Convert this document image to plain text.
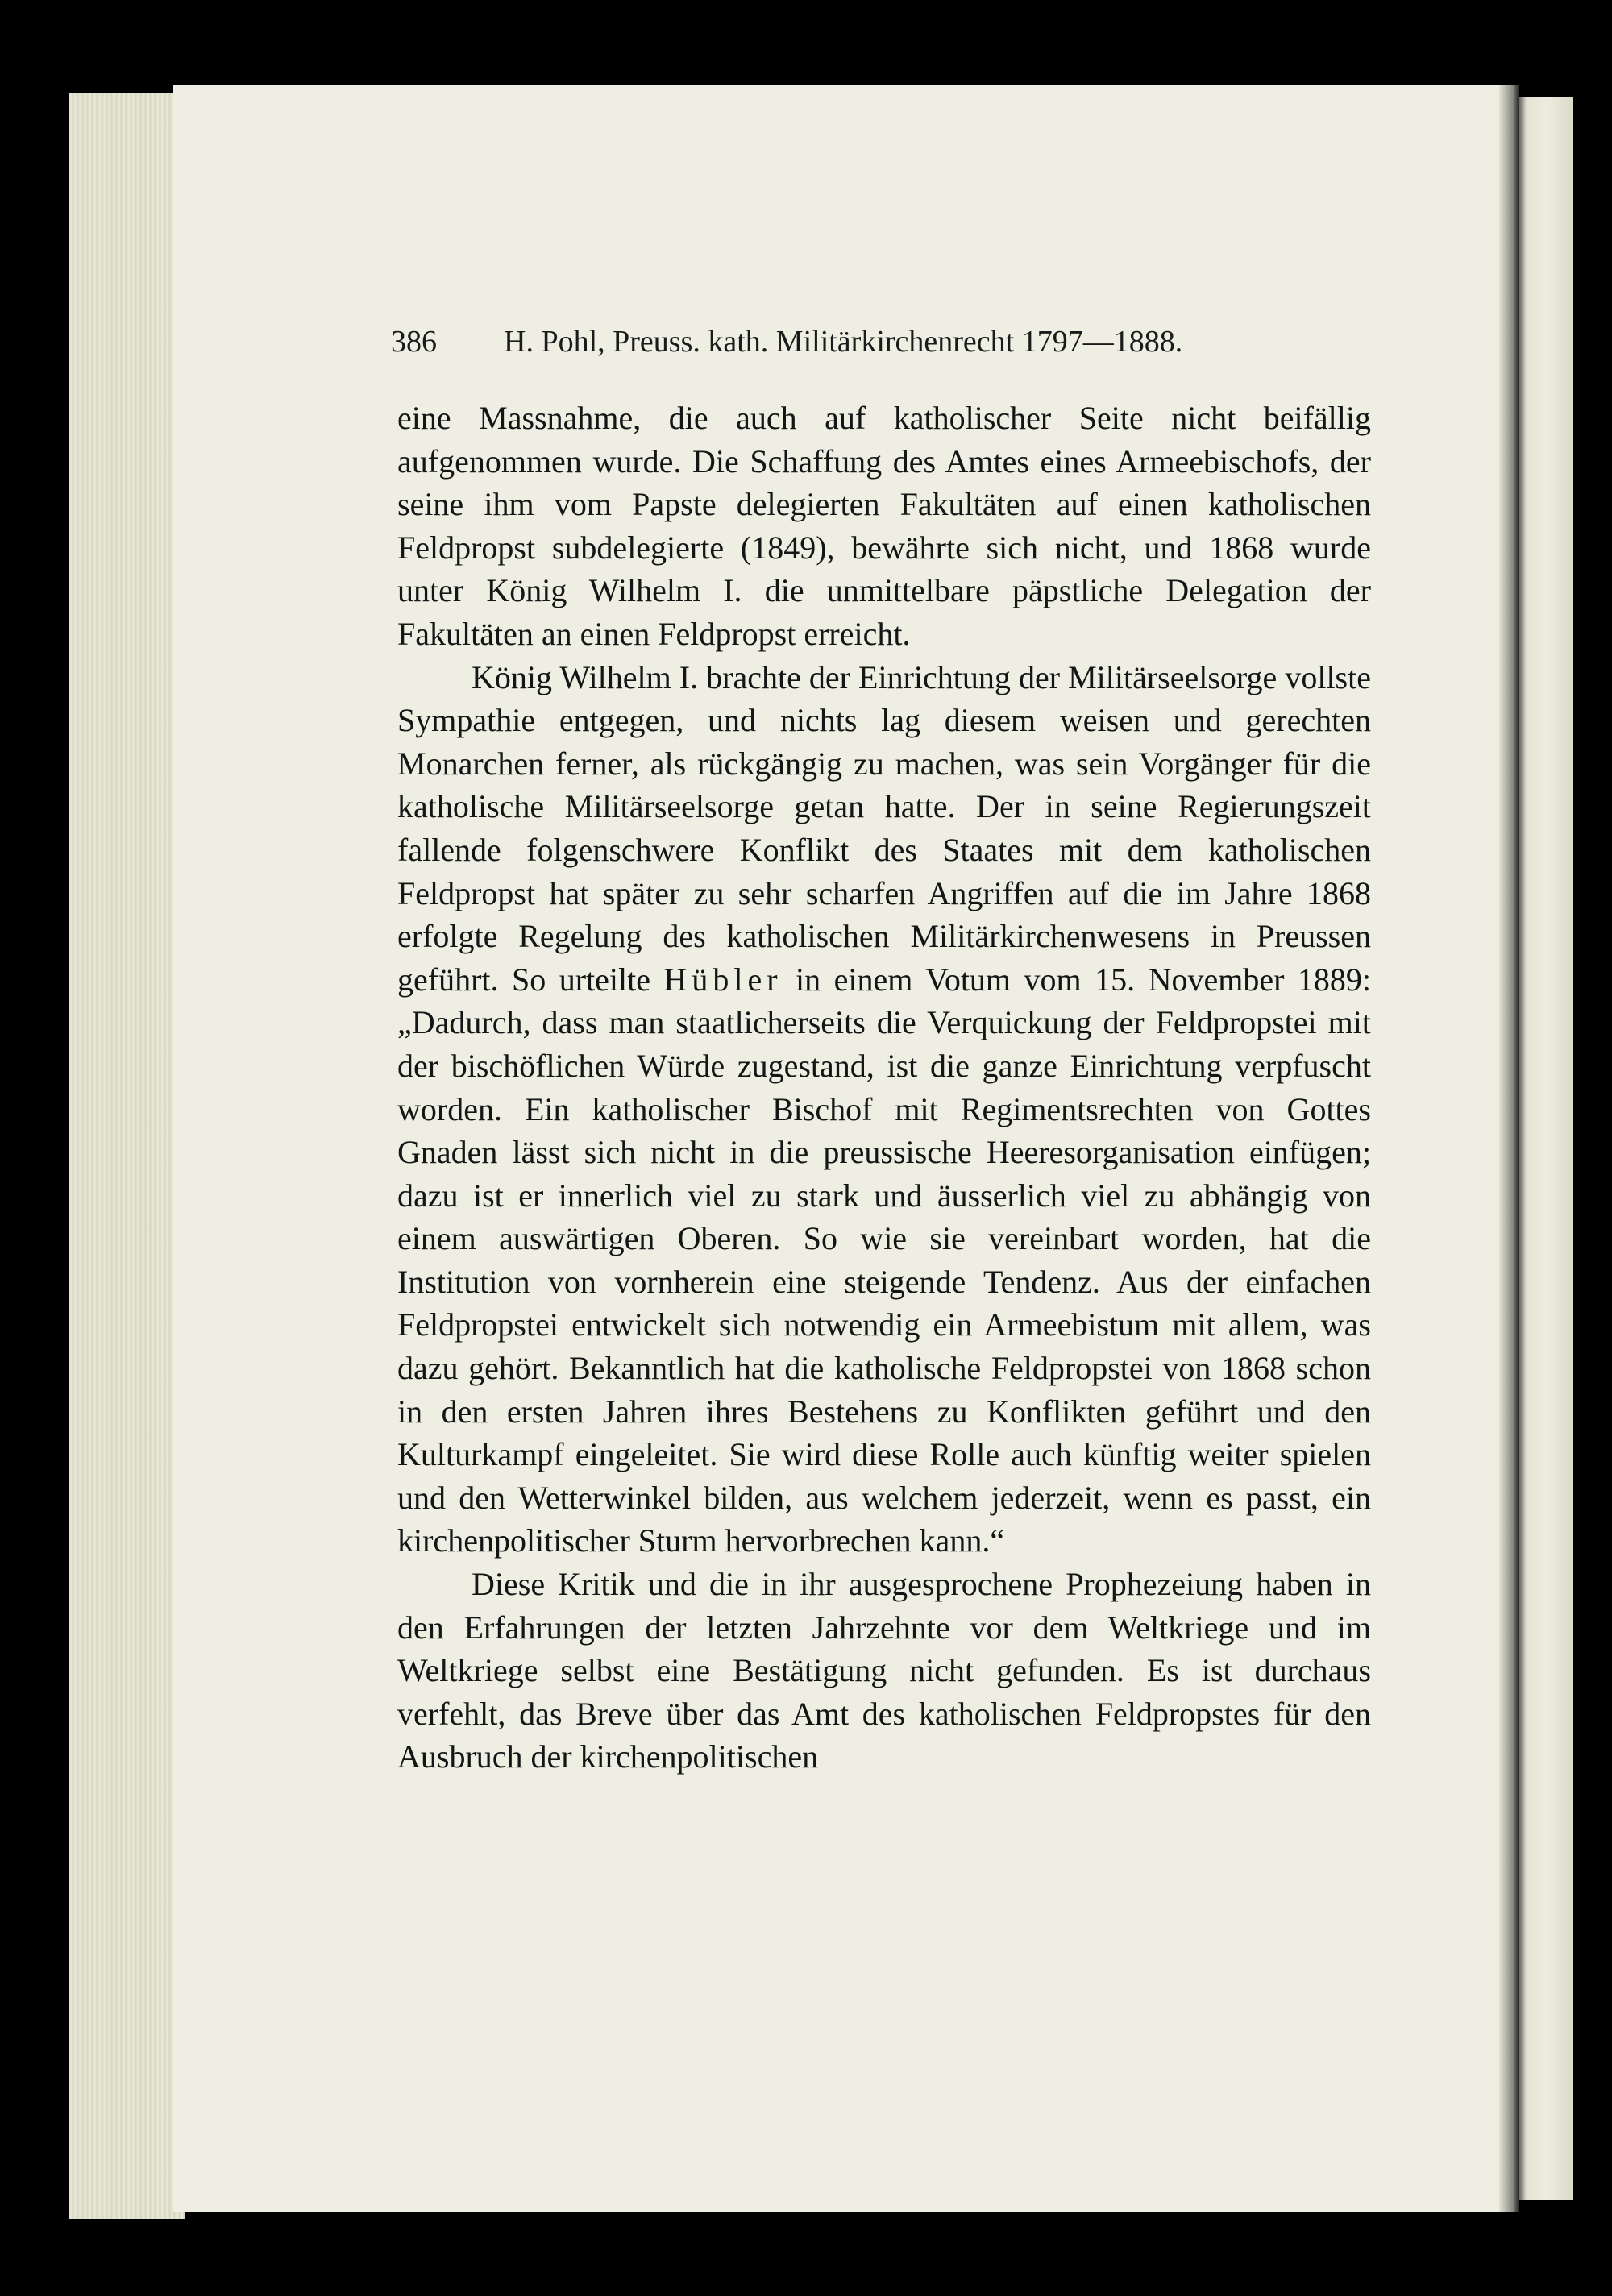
386 H. Pohl, Preuss. kath. Militärkirchenrecht 1797—1888.

eine Massnahme, die auch auf katholischer Seite nicht beifällig aufgenommen wurde. Die Schaffung des Amtes eines Armeebischofs, der seine ihm vom Papste delegierten Fakultäten auf einen katholischen Feldpropst subdelegierte (1849), bewährte sich nicht, und 1868 wurde unter König Wilhelm I. die unmittelbare päpstliche Delegation der Fakultäten an einen Feldpropst erreicht.

König Wilhelm I. brachte der Einrichtung der Militärseelsorge vollste Sympathie entgegen, und nichts lag diesem weisen und gerechten Monarchen ferner, als rückgängig zu machen, was sein Vorgänger für die katholische Militärseelsorge getan hatte. Der in seine Regierungszeit fallende folgenschwere Konflikt des Staates mit dem katholischen Feldpropst hat später zu sehr scharfen Angriffen auf die im Jahre 1868 erfolgte Regelung des katholischen Militärkirchenwesens in Preussen geführt. So urteilte Hübler in einem Votum vom 15. November 1889: „Dadurch, dass man staatlicherseits die Verquickung der Feldpropstei mit der bischöflichen Würde zugestand, ist die ganze Einrichtung verpfuscht worden. Ein katholischer Bischof mit Regimentsrechten von Gottes Gnaden lässt sich nicht in die preussische Heeresorganisation einfügen; dazu ist er innerlich viel zu stark und äusserlich viel zu abhängig von einem auswärtigen Oberen. So wie sie vereinbart worden, hat die Institution von vornherein eine steigende Tendenz. Aus der einfachen Feldpropstei entwickelt sich notwendig ein Armeebistum mit allem, was dazu gehört. Bekanntlich hat die katholische Feldpropstei von 1868 schon in den ersten Jahren ihres Bestehens zu Konflikten geführt und den Kulturkampf eingeleitet. Sie wird diese Rolle auch künftig weiter spielen und den Wetterwinkel bilden, aus welchem jederzeit, wenn es passt, ein kirchenpolitischer Sturm hervorbrechen kann.“

Diese Kritik und die in ihr ausgesprochene Prophezeiung haben in den Erfahrungen der letzten Jahrzehnte vor dem Weltkriege und im Weltkriege selbst eine Bestätigung nicht gefunden. Es ist durchaus verfehlt, das Breve über das Amt des katholischen Feldpropstes für den Ausbruch der kirchenpolitischen
